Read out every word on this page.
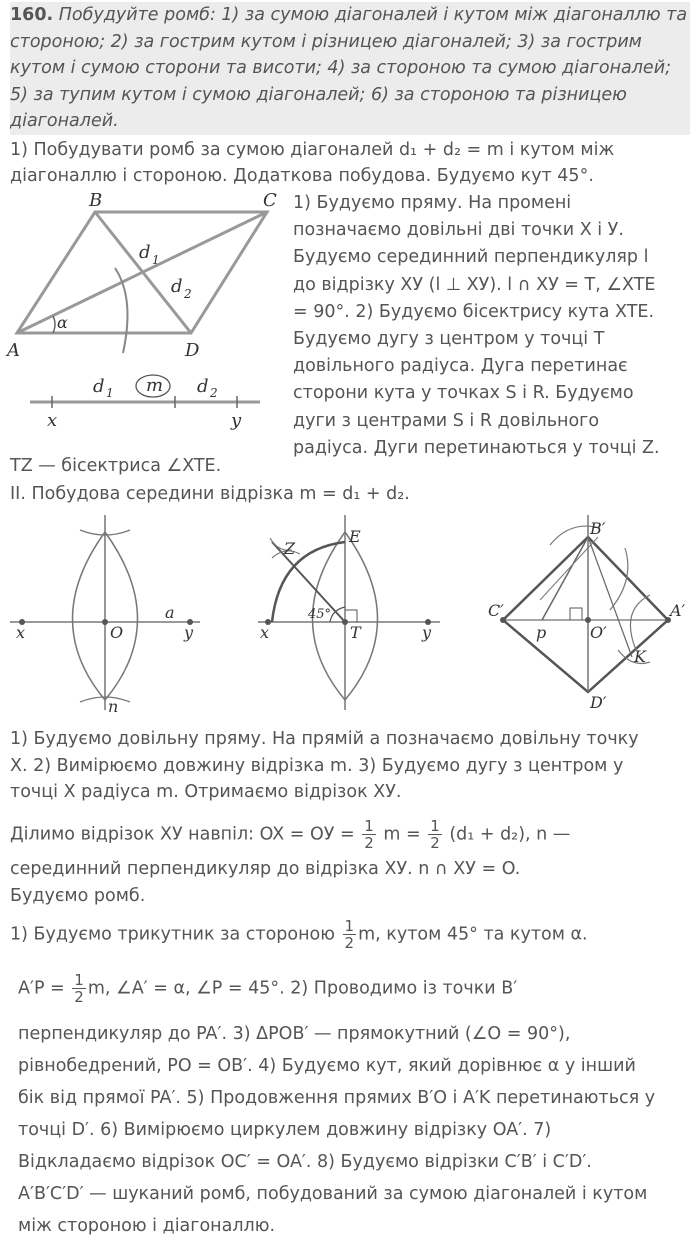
160. Побудуйте ромб: 1) за сумою діагоналей і кутом між діагоналлю та стороною; 2) за гострим кутом і різницею діагоналей; 3) за гострим кутом і сумою сторони та висоти; 4) за стороною та сумою діагоналей; 5) за тупим кутом і сумою діагоналей; 6) за стороною та різницею діагоналей.
1) Побудувати ромб за сумою діагоналей d₁ + d₂ = m і кутом між
діагоналлю і стороною. Додаткова побудова. Будуємо кут 45°.
B	C
A	D
d 1
d 2
α
d 1 m d 2
x	y
1) Будуємо пряму. На промені
позначаємо довільні дві точки X і У.
Будуємо серединний перпендикуляр l
до відрізку XУ (l ⊥ XУ). l ∩ XУ = T, ∠XTE
= 90°. 2) Будуємо бісектрису кута XTE.
Будуємо дугу з центром у точці T
довільного радіуса. Дуга перетинає
сторони кута у точках S і R. Будуємо
дуги з центрами S і R довільного
радіуса. Дуги перетинаються у точці Z.
TZ — бісектриса ∠XTE.
II. Побудова середини відрізка m = d₁ + d₂.
x	O
a
y
n
Z
E
45°
x	T	y
B′
C′	A′
O′
p
K
D′
1) Будуємо довільну пряму. На прямій a позначаємо довільну точку
X. 2) Вимірюємо довжину відрізка m. 3) Будуємо дугу з центром у
точці X радіуса m. Отримаємо відрізок XУ.
Ділимо відрізок XУ навпіл: OX = OУ = $\frac{1}{2}$ $m = \frac{1}{2} (d_1 + d_2)$, n —
серединний перпендикуляр до відрізка XУ. n ∩ XУ = O.
Будуємо ромб.
1) Будуємо трикутник за стороною $\frac{1}{2} m$, кутом 45° та кутом α.
$A'P = \frac{1}{2} m$, ∠A′ = α, ∠P = 45°. 2) Проводимо із точки B′
перпендикуляр до PA′. 3) ΔPOB′ — прямокутний (∠O = 90°),
рівнобедрений, PO = OB′. 4) Будуємо кут, який дорівнює α у інший
бік від прямої PA′. 5) Продовження прямих B′O і A′K перетинаються у
точці D′. 6) Вимірюємо циркулем довжину відрізку OA′. 7)
Відкладаємо відрізок OC′ = OA′. 8) Будуємо відрізки C′B′ і C′D′.
A′B′C′D′ — шуканий ромб, побудований за сумою діагоналей і кутом
між стороною і діагоналлю.
